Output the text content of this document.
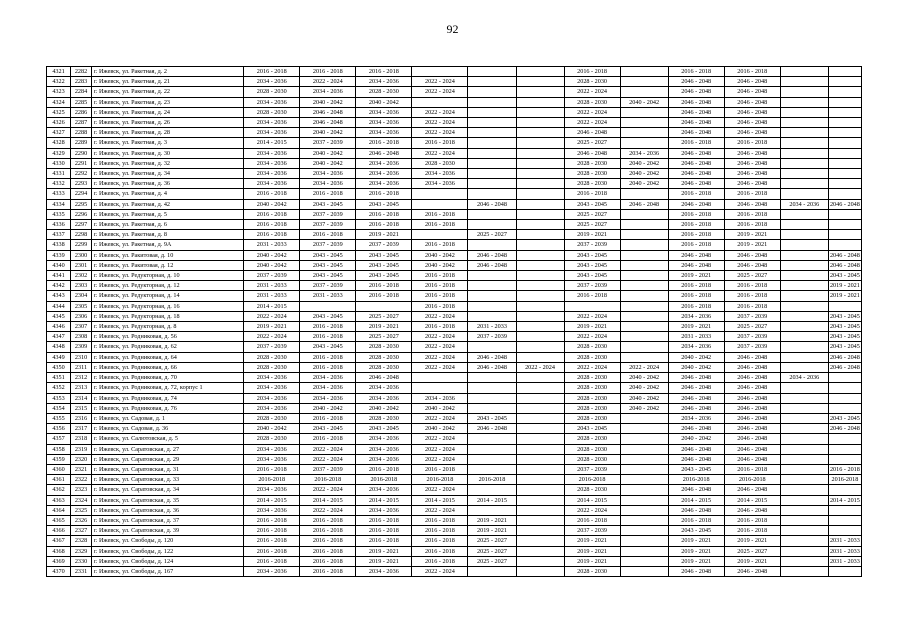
92
4321	2282	г. Ижевск, ул. Ракетная, д. 2	2016 - 2018	2016 - 2018	2016 - 2018				2016 - 2018		2016 - 2018	2016 - 2018		
4322	2283	г. Ижевск, ул. Ракетная, д. 21	2034 - 2036	2022 - 2024	2034 - 2036	2022 - 2024			2028 - 2030		2046 - 2048	2046 - 2048		
4323	2284	г. Ижевск, ул. Ракетная, д. 22	2028 - 2030	2034 - 2036	2028 - 2030	2022 - 2024			2022 - 2024		2046 - 2048	2046 - 2048		
4324	2285	г. Ижевск, ул. Ракетная, д. 23	2034 - 2036	2040 - 2042	2040 - 2042				2028 - 2030	2040 - 2042	2046 - 2048	2046 - 2048		
4325	2286	г. Ижевск, ул. Ракетная, д. 24	2028 - 2030	2046 - 2048	2034 - 2036	2022 - 2024			2022 - 2024		2046 - 2048	2046 - 2048		
4326	2287	г. Ижевск, ул. Ракетная, д. 26	2034 - 2036	2046 - 2048	2034 - 2036	2022 - 2024			2022 - 2024		2046 - 2048	2046 - 2048		
4327	2288	г. Ижевск, ул. Ракетная, д. 28	2034 - 2036	2040 - 2042	2034 - 2036	2022 - 2024			2046 - 2048		2046 - 2048	2046 - 2048		
4328	2289	г. Ижевск, ул. Ракетная, д. 3	2014 - 2015	2037 - 2039	2016 - 2018	2016 - 2018			2025 - 2027		2016 - 2018	2016 - 2018		
4329	2290	г. Ижевск, ул. Ракетная, д. 30	2034 - 2036	2040 - 2042	2046 - 2048	2022 - 2024			2046 - 2048	2034 - 2036	2046 - 2048	2046 - 2048		
4330	2291	г. Ижевск, ул. Ракетная, д. 32	2034 - 2036	2040 - 2042	2034 - 2036	2028 - 2030			2028 - 2030	2040 - 2042	2046 - 2048	2046 - 2048		
4331	2292	г. Ижевск, ул. Ракетная, д. 34	2034 - 2036	2034 - 2036	2034 - 2036	2034 - 2036			2028 - 2030	2040 - 2042	2046 - 2048	2046 - 2048		
4332	2293	г. Ижевск, ул. Ракетная, д. 36	2034 - 2036	2034 - 2036	2034 - 2036	2034 - 2036			2028 - 2030	2040 - 2042	2046 - 2048	2046 - 2048		
4333	2294	г. Ижевск, ул. Ракетная, д. 4	2016 - 2018	2016 - 2018	2016 - 2018				2016 - 2018		2016 - 2018	2016 - 2018		
4334	2295	г. Ижевск, ул. Ракетная, д. 42	2040 - 2042	2043 - 2045	2043 - 2045		2046 - 2048		2043 - 2045	2046 - 2048	2046 - 2048	2046 - 2048	2034 - 2036	2046 - 2048
4335	2296	г. Ижевск, ул. Ракетная, д. 5	2016 - 2018	2037 - 2039	2016 - 2018	2016 - 2018			2025 - 2027		2016 - 2018	2016 - 2018		
4336	2297	г. Ижевск, ул. Ракетная, д. 6	2016 - 2018	2037 - 2039	2016 - 2018	2016 - 2018			2025 - 2027		2016 - 2018	2016 - 2018		
4337	2298	г. Ижевск, ул. Ракетная, д. 8	2016 - 2018	2016 - 2018	2019 - 2021		2025 - 2027		2019 - 2021		2016 - 2018	2019 - 2021		
4338	2299	г. Ижевск, ул. Ракетная, д. 9А	2031 - 2033	2037 - 2039	2037 - 2039	2016 - 2018			2037 - 2039		2016 - 2018	2019 - 2021		
4339	2300	г. Ижевск, ул. Ракитовая, д. 10	2040 - 2042	2043 - 2045	2043 - 2045	2040 - 2042	2046 - 2048		2043 - 2045		2046 - 2048	2046 - 2048		2046 - 2048
4340	2301	г. Ижевск, ул. Ракитовая, д. 12	2040 - 2042	2043 - 2045	2043 - 2045	2040 - 2042	2046 - 2048		2043 - 2045		2046 - 2048	2046 - 2048		2046 - 2048
4341	2302	г. Ижевск, ул. Редукторная, д. 10	2037 - 2039	2043 - 2045	2043 - 2045	2016 - 2018			2043 - 2045		2019 - 2021	2025 - 2027		2043 - 2045
4342	2303	г. Ижевск, ул. Редукторная, д. 12	2031 - 2033	2037 - 2039	2016 - 2018	2016 - 2018			2037 - 2039		2016 - 2018	2016 - 2018		2019 - 2021
4343	2304	г. Ижевск, ул. Редукторная, д. 14	2031 - 2033	2031 - 2033	2016 - 2018	2016 - 2018			2016 - 2018		2016 - 2018	2016 - 2018		2019 - 2021
4344	2305	г. Ижевск, ул. Редукторная, д. 16	2014 - 2015			2016 - 2018					2016 - 2018	2016 - 2018		
4345	2306	г. Ижевск, ул. Редукторная, д. 18	2022 - 2024	2043 - 2045	2025 - 2027	2022 - 2024			2022 - 2024		2034 - 2036	2037 - 2039		2043 - 2045
4346	2307	г. Ижевск, ул. Редукторная, д. 8	2019 - 2021	2016 - 2018	2019 - 2021	2016 - 2018	2031 - 2033		2019 - 2021		2019 - 2021	2025 - 2027		2043 - 2045
4347	2308	г. Ижевск, ул. Родниковая, д. 56	2022 - 2024	2016 - 2018	2025 - 2027	2022 - 2024	2037 - 2039		2022 - 2024		2031 - 2033	2037 - 2039		2043 - 2045
4348	2309	г. Ижевск, ул. Родниковая, д. 62	2037 - 2039	2043 - 2045	2028 - 2030	2022 - 2024			2028 - 2030		2034 - 2036	2037 - 2039		2043 - 2045
4349	2310	г. Ижевск, ул. Родниковая, д. 64	2028 - 2030	2016 - 2018	2028 - 2030	2022 - 2024	2046 - 2048		2028 - 2030		2040 - 2042	2046 - 2048		2046 - 2048
4350	2311	г. Ижевск, ул. Родниковая, д. 66	2028 - 2030	2016 - 2018	2028 - 2030	2022 - 2024	2046 - 2048	2022 - 2024	2022 - 2024	2022 - 2024	2040 - 2042	2046 - 2048		2046 - 2048
4351	2312	г. Ижевск, ул. Родниковая, д. 70	2034 - 2036	2034 - 2036	2046 - 2048				2028 - 2030	2040 - 2042	2046 - 2048	2046 - 2048	2034 - 2036	
4352	2313	г. Ижевск, ул. Родниковая, д. 72, корпус 1	2034 - 2036	2034 - 2036	2034 - 2036				2028 - 2030	2040 - 2042	2046 - 2048	2046 - 2048		
4353	2314	г. Ижевск, ул. Родниковая, д. 74	2034 - 2036	2034 - 2036	2034 - 2036	2034 - 2036			2028 - 2030	2040 - 2042	2046 - 2048	2046 - 2048		
4354	2315	г. Ижевск, ул. Родниковая, д. 76	2034 - 2036	2040 - 2042	2040 - 2042	2040 - 2042			2028 - 2030	2040 - 2042	2046 - 2048	2046 - 2048		
4355	2316	г. Ижевск, ул. Садовая, д. 1	2028 - 2030	2016 - 2018	2028 - 2030	2022 - 2024	2043 - 2045		2028 - 2030		2034 - 2036	2046 - 2048		2043 - 2045
4356	2317	г. Ижевск, ул. Садовая, д. 36	2040 - 2042	2043 - 2045	2043 - 2045	2040 - 2042	2046 - 2048		2043 - 2045		2046 - 2048	2046 - 2048		2046 - 2048
4357	2318	г. Ижевск, ул. Салютовская, д. 5	2028 - 2030	2016 - 2018	2034 - 2036	2022 - 2024			2028 - 2030		2040 - 2042	2046 - 2048		
4358	2319	г. Ижевск, ул. Саратовская, д. 27	2034 - 2036	2022 - 2024	2034 - 2036	2022 - 2024			2028 - 2030		2046 - 2048	2046 - 2048		
4359	2320	г. Ижевск, ул. Саратовская, д. 29	2034 - 2036	2022 - 2024	2034 - 2036	2022 - 2024			2028 - 2030		2046 - 2048	2046 - 2048		
4360	2321	г. Ижевск, ул. Саратовская, д. 31	2016 - 2018	2037 - 2039	2016 - 2018	2016 - 2018			2037 - 2039		2043 - 2045	2016 - 2018		2016 - 2018
4361	2322	г. Ижевск, ул. Саратовская, д. 33	2016-2018	2016-2018	2016-2018	2016-2018	2016-2018		2016-2018		2016-2018	2016-2018		2016-2018
4362	2323	г. Ижевск, ул. Саратовская, д. 34	2034 - 2036	2022 - 2024	2034 - 2036	2022 - 2024			2028 - 2030		2046 - 2048	2046 - 2048		
4363	2324	г. Ижевск, ул. Саратовская, д. 35	2014 - 2015	2014 - 2015	2014 - 2015	2014 - 2015	2014 - 2015		2014 - 2015		2014 - 2015	2014 - 2015		2014 - 2015
4364	2325	г. Ижевск, ул. Саратовская, д. 36	2034 - 2036	2022 - 2024	2034 - 2036	2022 - 2024			2022 - 2024		2046 - 2048	2046 - 2048		
4365	2326	г. Ижевск, ул. Саратовская, д. 37	2016 - 2018	2016 - 2018	2016 - 2018	2016 - 2018	2019 - 2021		2016 - 2018		2016 - 2018	2016 - 2018		
4366	2327	г. Ижевск, ул. Саратовская, д. 39	2016 - 2018	2016 - 2018	2016 - 2018	2016 - 2018	2019 - 2021		2037 - 2039		2043 - 2045	2016 - 2018		
4367	2328	г. Ижевск, ул. Свободы, д. 120	2016 - 2018	2016 - 2018	2016 - 2018	2016 - 2018	2025 - 2027		2019 - 2021		2019 - 2021	2019 - 2021		2031 - 2033
4368	2329	г. Ижевск, ул. Свободы, д. 122	2016 - 2018	2016 - 2018	2019 - 2021	2016 - 2018	2025 - 2027		2019 - 2021		2019 - 2021	2025 - 2027		2031 - 2033
4369	2330	г. Ижевск, ул. Свободы, д. 124	2016 - 2018	2016 - 2018	2019 - 2021	2016 - 2018	2025 - 2027		2019 - 2021		2019 - 2021	2019 - 2021		2031 - 2033
4370	2331	г. Ижевск, ул. Свободы, д. 167	2034 - 2036	2016 - 2018	2034 - 2036	2022 - 2024			2028 - 2030		2046 - 2048	2046 - 2048		
